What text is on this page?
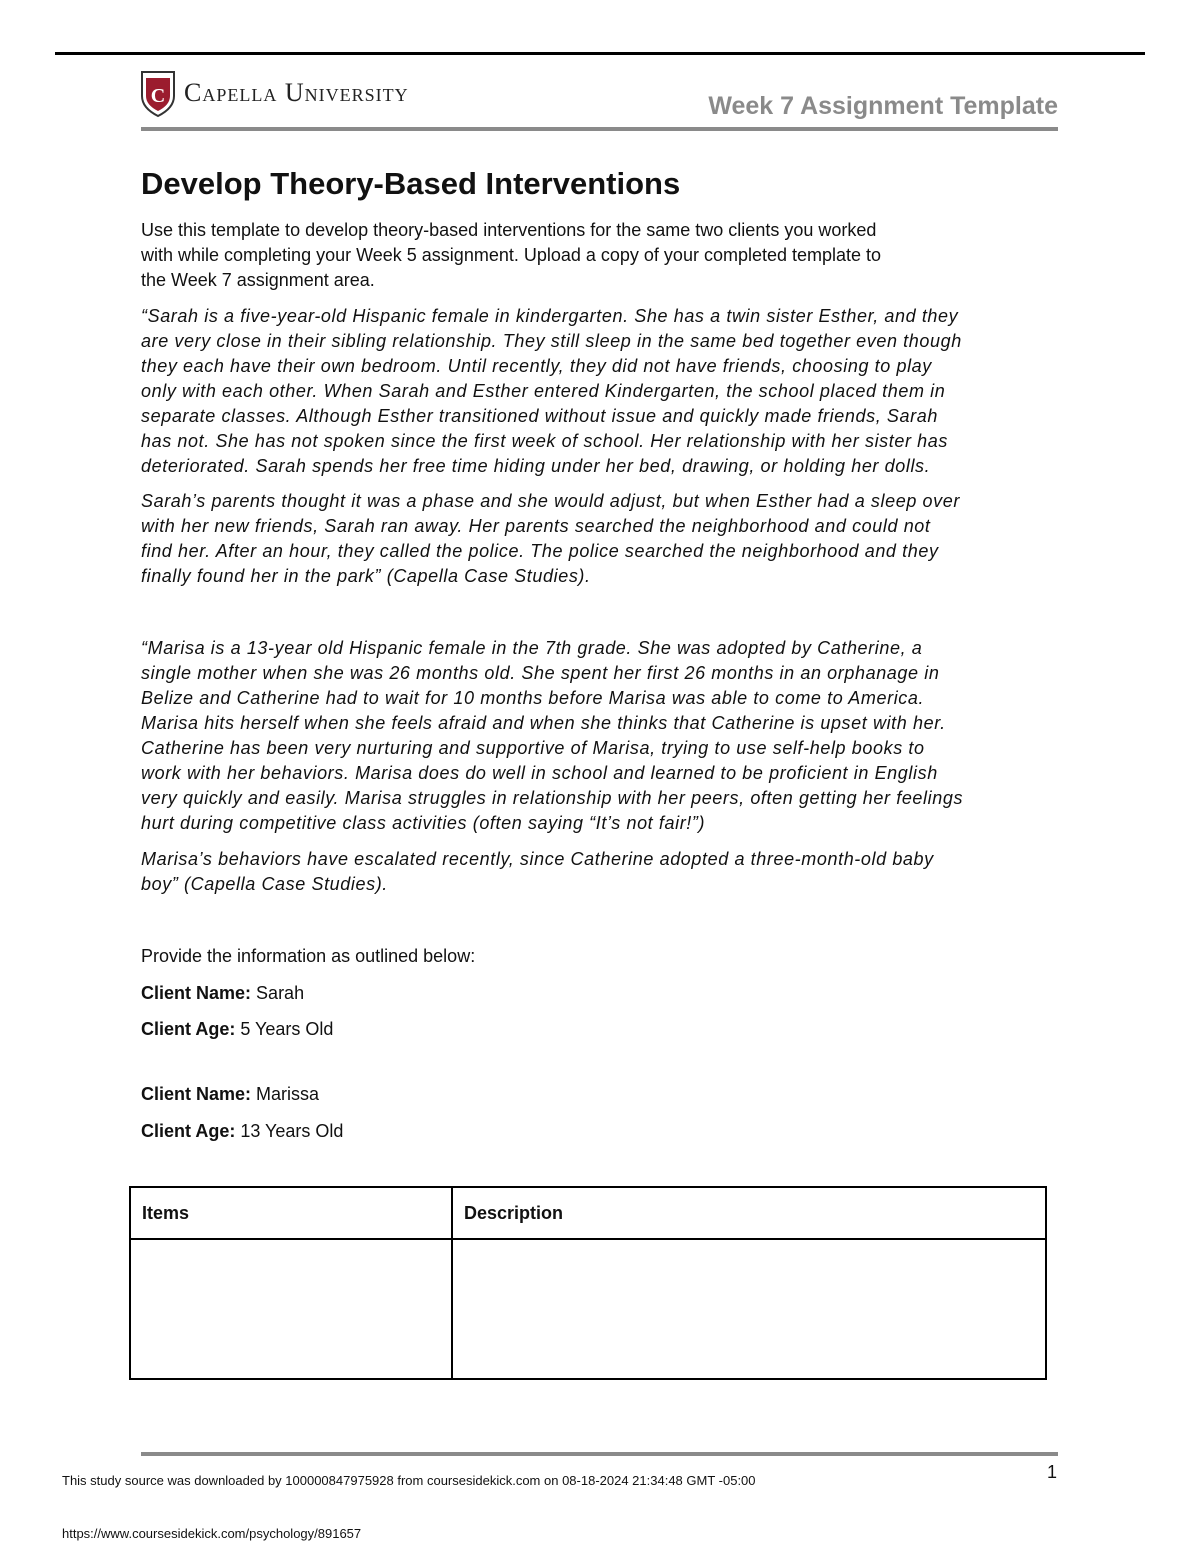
C Capella University	Week 7 Assignment Template
Develop Theory-Based Interventions
Use this template to develop theory-based interventions for the same two clients you worked
with while completing your Week 5 assignment. Upload a copy of your completed template to
the Week 7 assignment area.
“Sarah is a five-year-old Hispanic female in kindergarten. She has a twin sister Esther, and they
are very close in their sibling relationship. They still sleep in the same bed together even though
they each have their own bedroom. Until recently, they did not have friends, choosing to play
only with each other. When Sarah and Esther entered Kindergarten, the school placed them in
separate classes. Although Esther transitioned without issue and quickly made friends, Sarah
has not. She has not spoken since the first week of school. Her relationship with her sister has
deteriorated. Sarah spends her free time hiding under her bed, drawing, or holding her dolls.
Sarah’s parents thought it was a phase and she would adjust, but when Esther had a sleep over
with her new friends, Sarah ran away. Her parents searched the neighborhood and could not
find her. After an hour, they called the police. The police searched the neighborhood and they
finally found her in the park” (Capella Case Studies).
“Marisa is a 13-year old Hispanic female in the 7th grade. She was adopted by Catherine, a
single mother when she was 26 months old. She spent her first 26 months in an orphanage in
Belize and Catherine had to wait for 10 months before Marisa was able to come to America.
Marisa hits herself when she feels afraid and when she thinks that Catherine is upset with her.
Catherine has been very nurturing and supportive of Marisa, trying to use self-help books to
work with her behaviors. Marisa does do well in school and learned to be proficient in English
very quickly and easily. Marisa struggles in relationship with her peers, often getting her feelings
hurt during competitive class activities (often saying “It’s not fair!”)
Marisa’s behaviors have escalated recently, since Catherine adopted a three-month-old baby
boy” (Capella Case Studies).
Provide the information as outlined below:
Client Name: Sarah
Client Age: 5 Years Old
Client Name: Marissa
Client Age: 13 Years Old
Items	Description

1
This study source was downloaded by 100000847975928 from coursesidekick.com on 08-18-2024 21:34:48 GMT -05:00
https://www.coursesidekick.com/psychology/891657
